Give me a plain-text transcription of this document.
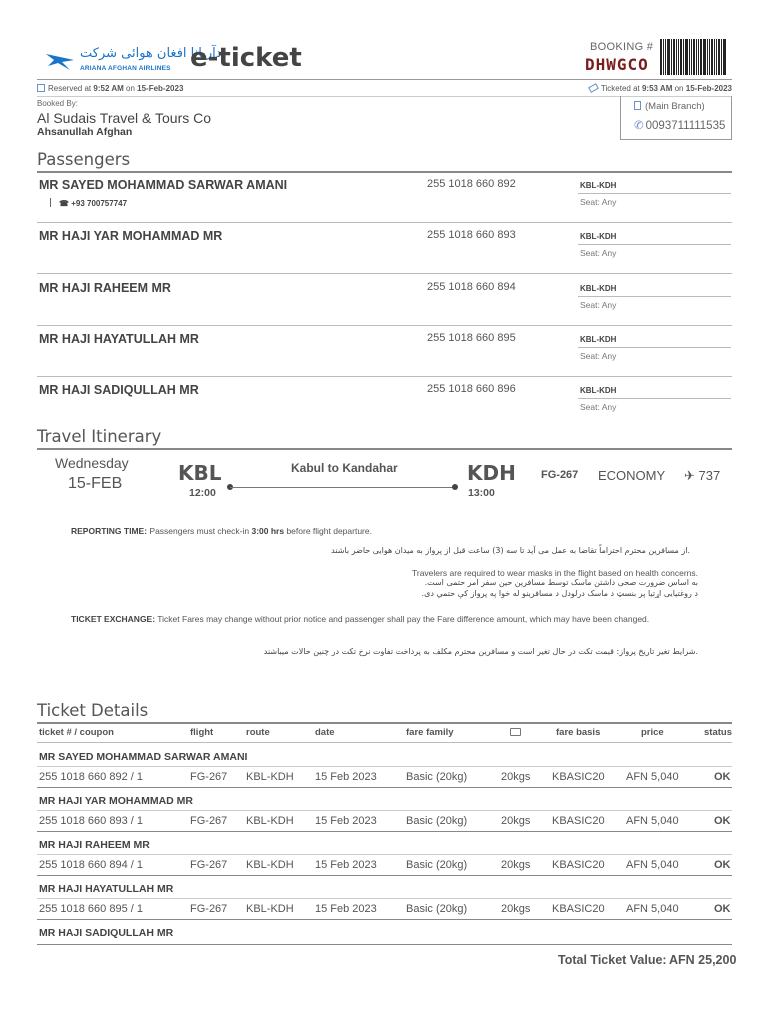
دآریانا افغان هوائی شرکت
ARIANA AFGHAN AIRLINES e-ticket	BOOKING #
DHWGCO
Reserved at 9:52 AM on 15-Feb-2023	Ticketed at 9:53 AM on 15-Feb-2023
Booked By:
Al Sudais Travel & Tours Co
Ahsanullah Afghan
(Main Branch)
✆ 0093711111535
Passengers
MR SAYED MOHAMMAD SARWAR AMANI	255 1018 660 892	KBL-KDH
Seat: Any
☎ +93 700757747
MR HAJI YAR MOHAMMAD MR	255 1018 660 893	KBL-KDH
Seat: Any
MR HAJI RAHEEM MR	255 1018 660 894	KBL-KDH
Seat: Any
MR HAJI HAYATULLAH MR	255 1018 660 895	KBL-KDH
Seat: Any
MR HAJI SADIQULLAH MR	255 1018 660 896	KBL-KDH
Seat: Any
Travel Itinerary
Wednesday
15-FEB	KBL
12:00
Kabul to Kandahar	KDH
13:00
FG-267 ECONOMY ✈ 737
REPORTING TIME: Passengers must check-in 3:00 hrs before flight departure.
.از مسافرین محترم احتراماً تقاضا به عمل می آید تا سه (3) ساعت قبل از پرواز به میدان هوایی حاضر باشند
Travelers are required to wear masks in the flight based on health concerns.
به اساس ضرورت صحی داشتن ماسک توسط مسافرین حین سفر امر حتمی است.
د روغتیایی اړتیا پر بنسټ د ماسک درلودل د مسافرینو له خوا په پرواز کې حتمي دی.
TICKET EXCHANGE: Ticket Fares may change without prior notice and passenger shall pay the Fare difference amount, which may have been changed.
.شرایط تغیر تاریخ پرواز: قیمت تکت در حال تغیر است و مسافرین محترم مکلف به پرداخت تفاوت نرخ تکت در چنین حالات میباشند
Ticket Details
ticket # / coupon	flight	route	date	fare family	fare basis	price	status
MR SAYED MOHAMMAD SARWAR AMANI
255 1018 660 892 / 1	FG-267 KBL-KDH 15 Feb 2023	Basic (20kg)	20kgs KBASIC20 AFN 5,040	OK
MR HAJI YAR MOHAMMAD MR
255 1018 660 893 / 1	FG-267 KBL-KDH 15 Feb 2023	Basic (20kg)	20kgs KBASIC20 AFN 5,040	OK
MR HAJI RAHEEM MR
255 1018 660 894 / 1	FG-267 KBL-KDH 15 Feb 2023	Basic (20kg)	20kgs KBASIC20 AFN 5,040	OK
MR HAJI HAYATULLAH MR
255 1018 660 895 / 1	FG-267 KBL-KDH 15 Feb 2023	Basic (20kg)	20kgs KBASIC20 AFN 5,040	OK
MR HAJI SADIQULLAH MR
Total Ticket Value: AFN 25,200
